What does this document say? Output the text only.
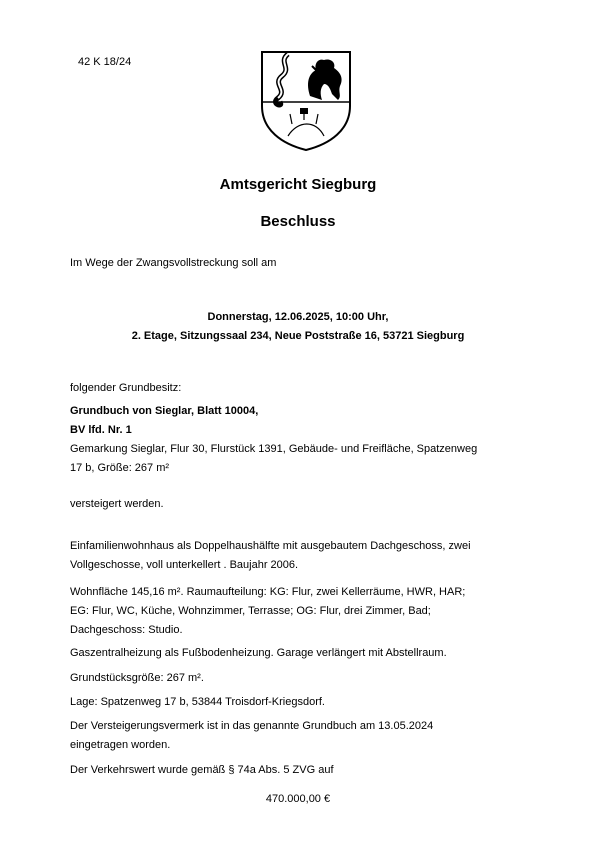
42 K 18/24
Amtsgericht Siegburg
Beschluss
Im Wege der Zwangsvollstreckung soll am
Donnerstag, 12.06.2025, 10:00 Uhr,
2. Etage, Sitzungssaal 234, Neue Poststraße 16, 53721 Siegburg
folgender Grundbesitz:
Grundbuch von Sieglar, Blatt 10004,
BV lfd. Nr. 1
Gemarkung Sieglar, Flur 30, Flurstück 1391, Gebäude- und Freifläche, Spatzenweg
17 b, Größe: 267 m²
versteigert werden.
Einfamilienwohnhaus als Doppelhaushälfte mit ausgebautem Dachgeschoss, zwei
Vollgeschosse, voll unterkellert . Baujahr 2006.
Wohnfläche 145,16 m². Raumaufteilung: KG: Flur, zwei Kellerräume, HWR, HAR;
EG: Flur, WC, Küche, Wohnzimmer, Terrasse; OG: Flur, drei Zimmer, Bad;
Dachgeschoss: Studio.
Gaszentralheizung als Fußbodenheizung. Garage verlängert mit Abstellraum.
Grundstücksgröße: 267 m².
Lage: Spatzenweg 17 b, 53844 Troisdorf-Kriegsdorf.
Der Versteigerungsvermerk ist in das genannte Grundbuch am 13.05.2024
eingetragen worden.
Der Verkehrswert wurde gemäß § 74a Abs. 5 ZVG auf
470.000,00 €
